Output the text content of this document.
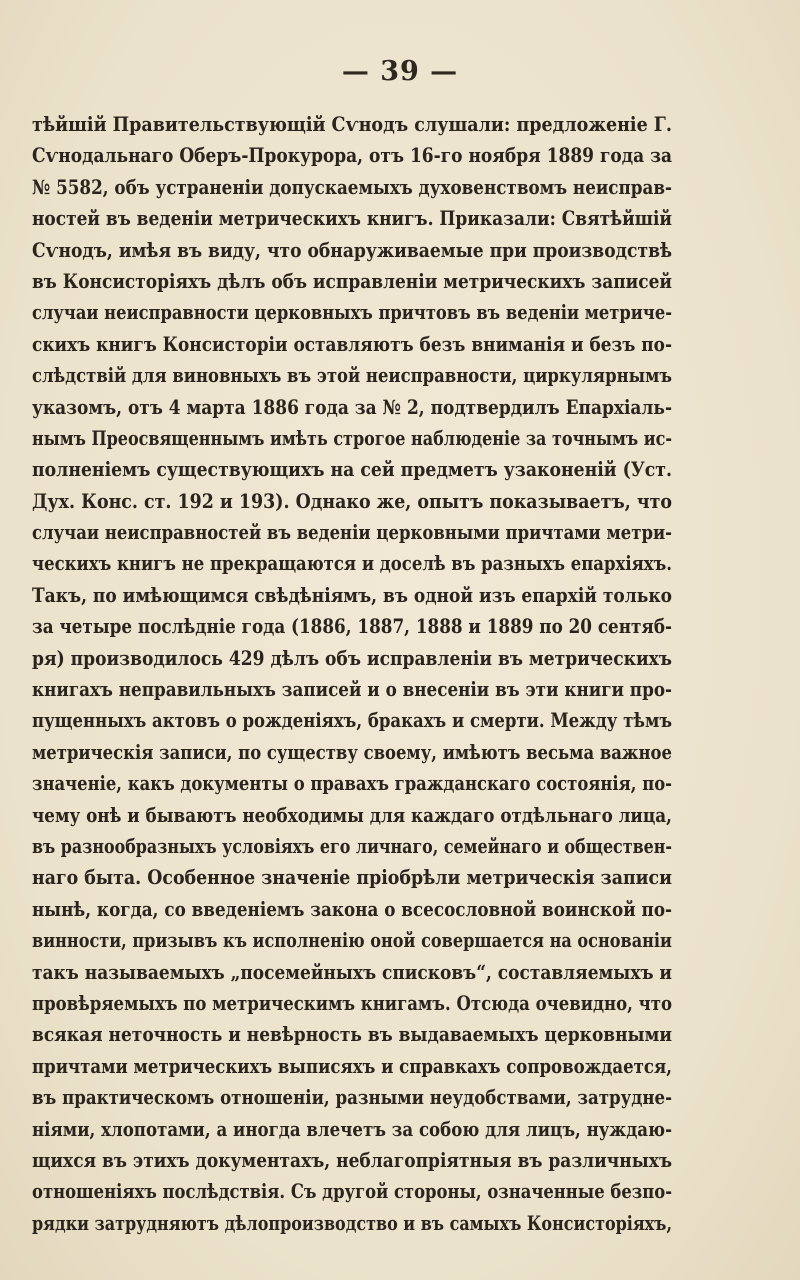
— 39 —
тѣйшій Правительствующій Сѵнодъ слушали: предложеніе Г.
Сѵнодальнаго Оберъ-Прокурора, отъ 16-го ноября 1889 года за
№ 5582, объ устраненіи допускаемыхъ духовенствомъ неисправ-
ностей въ веденіи метрическихъ книгъ. Приказали: Святѣйшій
Сѵнодъ, имѣя въ виду, что обнаруживаемые при производствѣ
въ Консисторіяхъ дѣлъ объ исправленіи метрическихъ записей
случаи неисправности церковныхъ причтовъ въ веденіи метриче-
скихъ книгъ Консисторіи оставляютъ безъ вниманія и безъ по-
слѣдствій для виновныхъ въ этой неисправности, циркулярнымъ
указомъ, отъ 4 марта 1886 года за № 2, подтвердилъ Епархіаль-
нымъ Преосвященнымъ имѣть строгое наблюденіе за точнымъ ис-
полненіемъ существующихъ на сей предметъ узаконеній (Уст.
Дух. Конс. ст. 192 и 193). Однако же, опытъ показываетъ, что
случаи неисправностей въ веденіи церковными причтами метри-
ческихъ книгъ не прекращаются и доселѣ въ разныхъ епархіяхъ.
Такъ, по имѣющимся свѣдѣніямъ, въ одной изъ епархій только
за четыре послѣдніе года (1886, 1887, 1888 и 1889 по 20 сентяб-
ря) производилось 429 дѣлъ объ исправленіи въ метрическихъ
книгахъ неправильныхъ записей и о внесеніи въ эти книги про-
пущенныхъ актовъ о рожденіяхъ, бракахъ и смерти. Между тѣмъ
метрическія записи, по существу своему, имѣютъ весьма важное
значеніе, какъ документы о правахъ гражданскаго состоянія, по-
чему онѣ и бываютъ необходимы для каждаго отдѣльнаго лица,
въ разнообразныхъ условіяхъ его личнаго, семейнаго и обществен-
наго быта. Особенное значеніе пріобрѣли метрическія записи
нынѣ, когда, со введеніемъ закона о всесословной воинской по-
винности, призывъ къ исполненію оной совершается на основаніи
такъ называемыхъ „посемейныхъ списковъ“, составляемыхъ и
провѣряемыхъ по метрическимъ книгамъ. Отсюда очевидно, что
всякая неточность и невѣрность въ выдаваемыхъ церковными
причтами метрическихъ выписяхъ и справкахъ сопровождается,
въ практическомъ отношеніи, разными неудобствами, затрудне-
ніями, хлопотами, а иногда влечетъ за собою для лицъ, нуждаю-
щихся въ этихъ документахъ, неблагопріятныя въ различныхъ
отношеніяхъ послѣдствія. Съ другой стороны, означенные безпо-
рядки затрудняютъ дѣлопроизводство и въ самыхъ Консисторіяхъ,
